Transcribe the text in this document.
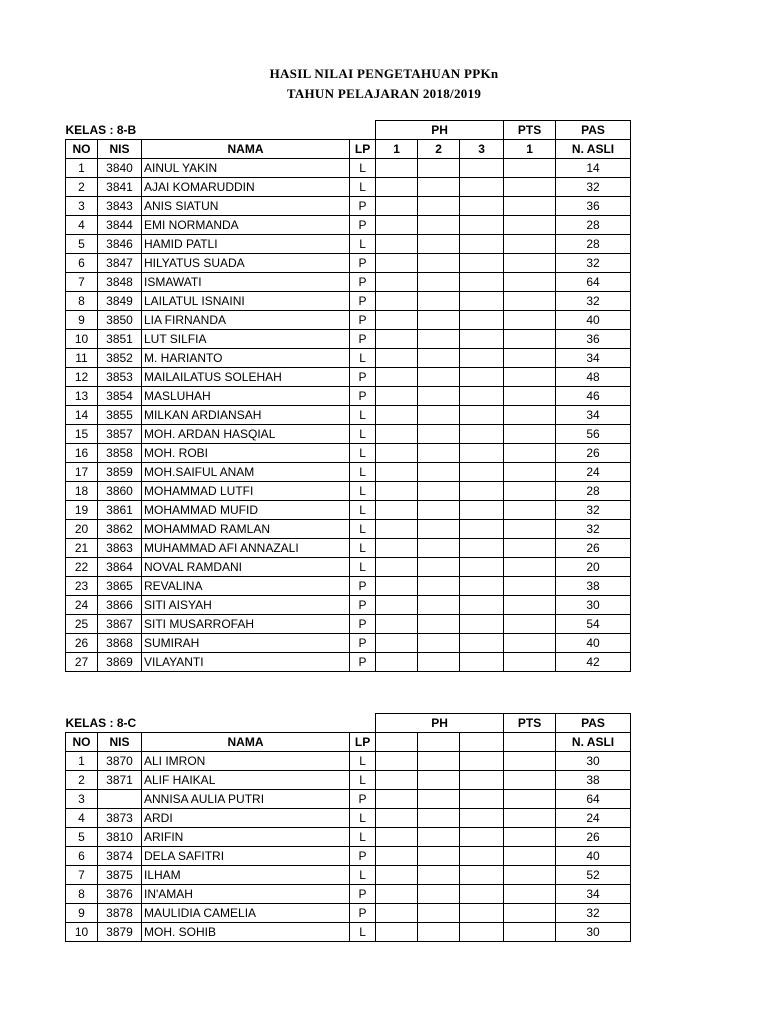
HASIL NILAI PENGETAHUAN PPKn
TAHUN PELAJARAN 2018/2019
KELAS : 8-B				PH			PTS	PAS
NO	NIS	NAMA	LP	1	2	3	1	N. ASLI
1	3840	AINUL YAKIN	L					14
2	3841	AJAI KOMARUDDIN	L					32
3	3843	ANIS SIATUN	P					36
4	3844	EMI NORMANDA	P					28
5	3846	HAMID PATLI	L					28
6	3847	HILYATUS SUADA	P					32
7	3848	ISMAWATI	P					64
8	3849	LAILATUL ISNAINI	P					32
9	3850	LIA FIRNANDA	P					40
10	3851	LUT SILFIA	P					36
11	3852	M. HARIANTO	L					34
12	3853	MAILAILATUS SOLEHAH	P					48
13	3854	MASLUHAH	P					46
14	3855	MILKAN ARDIANSAH	L					34
15	3857	MOH. ARDAN HASQIAL	L					56
16	3858	MOH. ROBI	L					26
17	3859	MOH.SAIFUL ANAM	L					24
18	3860	MOHAMMAD LUTFI	L					28
19	3861	MOHAMMAD MUFID	L					32
20	3862	MOHAMMAD RAMLAN	L					32
21	3863	MUHAMMAD AFI ANNAZALI	L					26
22	3864	NOVAL RAMDANI	L					20
23	3865	REVALINA	P					38
24	3866	SITI AISYAH	P					30
25	3867	SITI MUSARROFAH	P					54
26	3868	SUMIRAH	P					40
27	3869	VILAYANTI	P					42
KELAS : 8-C				PH			PTS	PAS
NO	NIS	NAMA	LP					N. ASLI
1	3870	ALI IMRON	L					30
2	3871	ALIF HAIKAL	L					38
3		ANNISA AULIA PUTRI	P					64
4	3873	ARDI	L					24
5	3810	ARIFIN	L					26
6	3874	DELA SAFITRI	P					40
7	3875	ILHAM	L					52
8	3876	IN'AMAH	P					34
9	3878	MAULIDIA CAMELIA	P					32
10	3879	MOH. SOHIB	L					30
